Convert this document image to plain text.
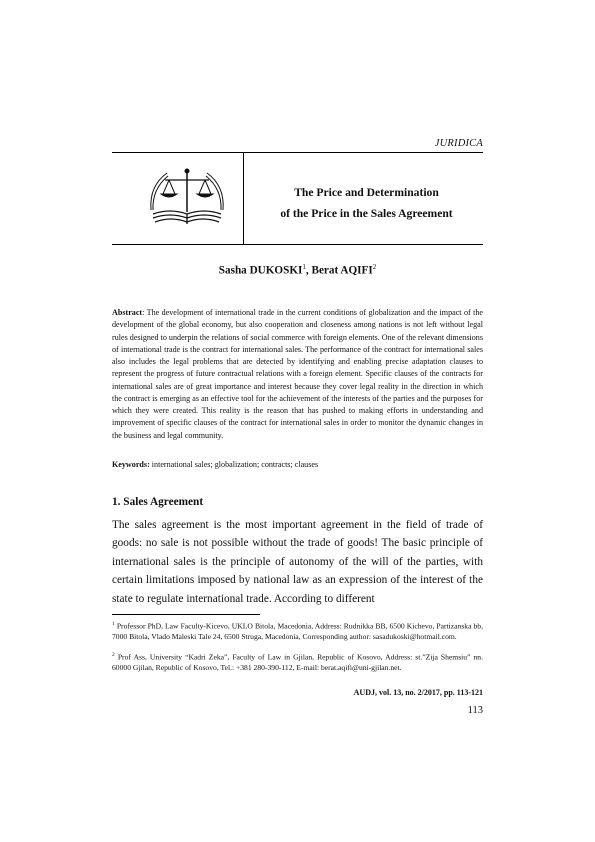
JURIDICA
The Price and Determination
of the Price in the Sales Agreement
Sasha DUKOSKI$^1$, Berat AQIFI$^2$
Abstract: The development of international trade in the current conditions of globalization and the impact of the development of the global economy, but also cooperation and closeness among nations is not left without legal rules designed to underpin the relations of social commerce with foreign elements. One of the relevant dimensions of international trade is the contract for international sales. The performance of the contract for international sales also includes the legal problems that are detected by identifying and enabling precise adaptation clauses to represent the progress of future contractual relations with a foreign element. Specific clauses of the contracts for international sales are of great importance and interest because they cover legal reality in the direction in which the contract is emerging as an effective tool for the achievement of the interests of the parties and the purposes for which they were created. This reality is the reason that has pushed to making efforts in understanding and improvement of specific clauses of the contract for international sales in order to monitor the dynamic changes in the business and legal community.
Keywords: international sales; globalization; contracts; clauses
1. Sales Agreement
The sales agreement is the most important agreement in the field of trade of goods: no sale is not possible without the trade of goods! The basic principle of international sales is the principle of autonomy of the will of the parties, with certain limitations imposed by national law as an expression of the interest of the state to regulate international trade. According to different
$^1$ Professor PhD, Law Faculty-Kicevo, UKLO Bitola, Macedonia, Address: Rudnikka BB, 6500 Kichevo, Partizanska bb, 7000 Bitola, Vlado Maleski Tale 24, 6500 Struga, Macedonia, Corresponding author: sasadukoski@hotmail.com.
$^2$ Prof Ass, University “Kadri Zeka”, Faculty of Law in Gjilan, Republic of Kosovo, Address: st.”Zija Shemsiu” nn. 60000 Gjilan, Republic of Kosovo, Tel.: +381 280-390-112, E-mail: berat.aqifi@uni-gjilan.net.
AUDJ, vol. 13, no. 2/2017, pp. 113-121
113
